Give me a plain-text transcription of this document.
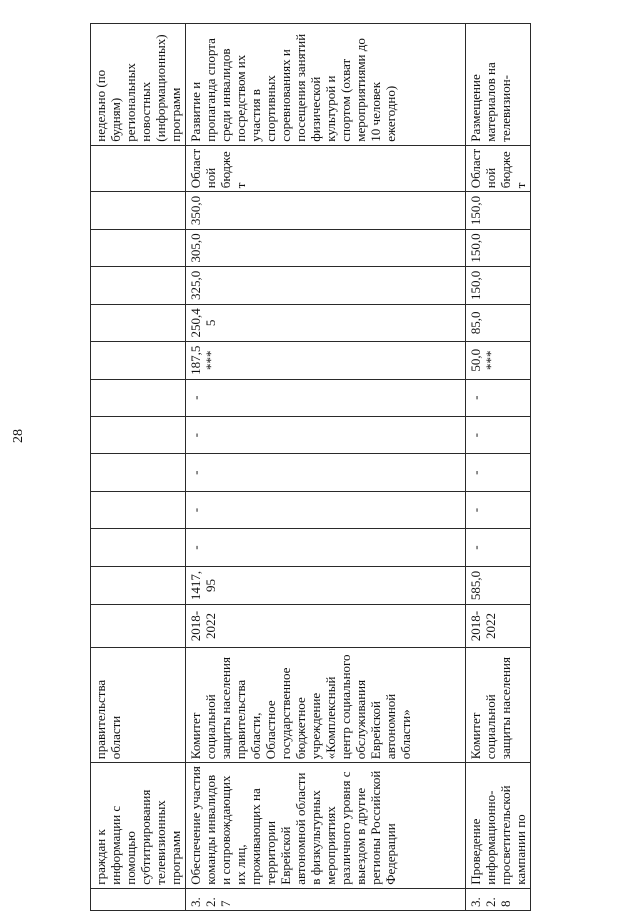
28
	граждан к информации с помощью субтитрирования телевизионных программ	правительства области														недельно (по будням) региональных новостных (информационных) программ
3.2.7	Обеспечение участия команды инвалидов и сопровождающих их лиц, проживающих на территории Еврейской автономной области в физкультурных мероприятиях различного уровня с выездом в другие регионы Российской Федерации	Комитет социальной защиты населения правительства области, Областное государственное бюджетное учреждение «Комплексный центр социального обслуживания Еврейской автономной области»	2018-2022	1417,95	-	-	-	-	-	187,5 ***	250,45	325,0	305,0	350,0	Областной бюджет	Развитие и пропаганда спорта среди инвалидов посредством их участия в спортивных соревнованиях и посещения занятий физической культурой и спортом (охват мероприятиями до 10 человек ежегодно)
3.2.8	Проведение информационно-просветительской кампании по	Комитет социальной защиты населения	2018-2022	585,0	-	-	-	-	-	50,0 ***	85,0	150,0	150,0	150,0	Областной бюджет	Размещение материалов на телевизион-
